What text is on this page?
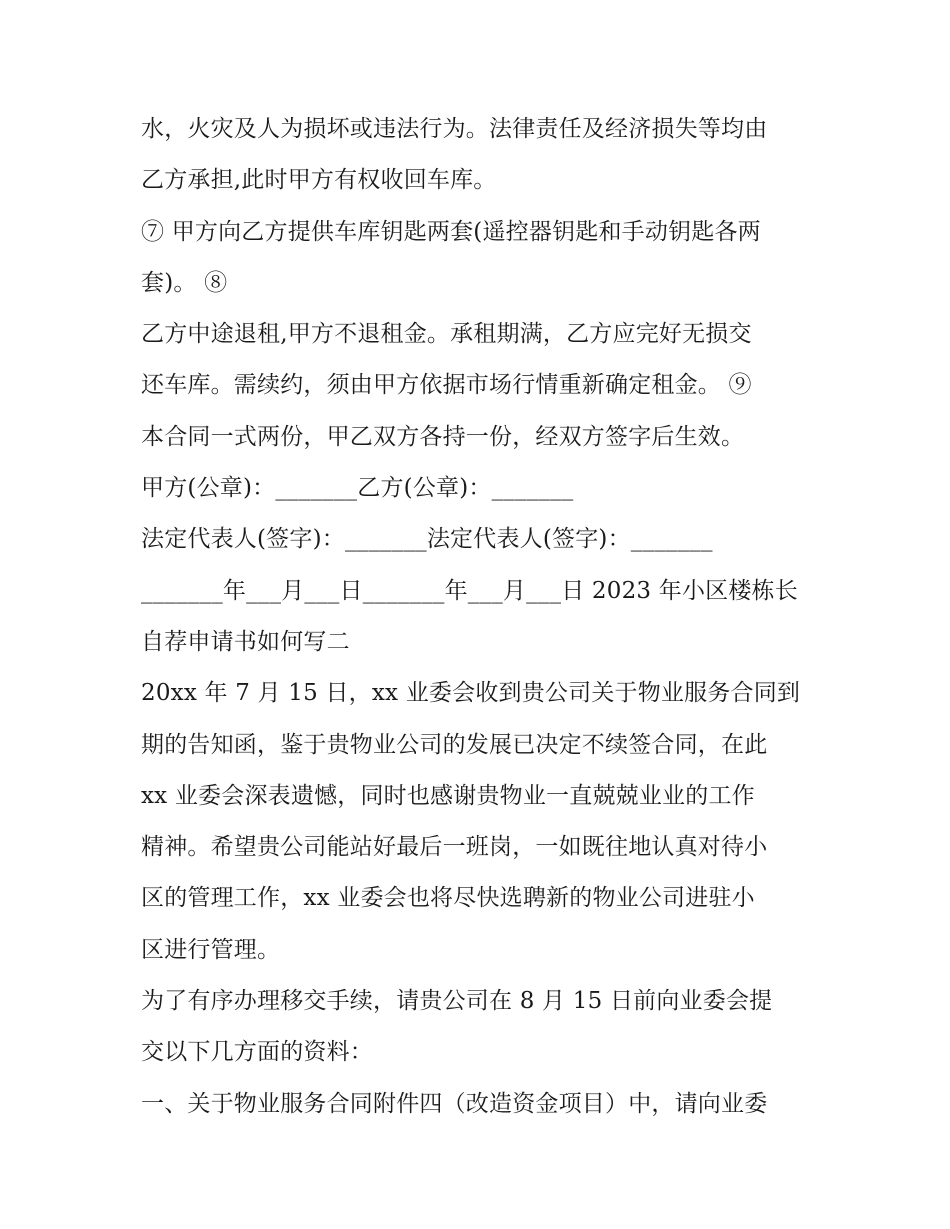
水，火灾及人为损坏或违法行为。法律责任及经济损失等均由
乙方承担,此时甲方有权收回车库。
⑦ 甲方向乙方提供车库钥匙两套(遥控器钥匙和手动钥匙各两
套)。 ⑧
乙方中途退租,甲方不退租金。承租期满，乙方应完好无损交
还车库。需续约，须由甲方依据市场行情重新确定租金。 ⑨
本合同一式两份，甲乙双方各持一份，经双方签字后生效。
甲方(公章)：_______乙方(公章)：_______
法定代表人(签字)：_______法定代表人(签字)：_______
_______年___月___日_______年___月___日 2023 年小区楼栋长
自荐申请书如何写二
20xx 年 7 月 15 日，xx 业委会收到贵公司关于物业服务合同到
期的告知函，鉴于贵物业公司的发展已决定不续签合同，在此
xx 业委会深表遗憾，同时也感谢贵物业一直兢兢业业的工作
精神。希望贵公司能站好最后一班岗，一如既往地认真对待小
区的管理工作，xx 业委会也将尽快选聘新的物业公司进驻小
区进行管理。
为了有序办理移交手续，请贵公司在 8 月 15 日前向业委会提
交以下几方面的资料：
一、关于物业服务合同附件四（改造资金项目）中，请向业委
